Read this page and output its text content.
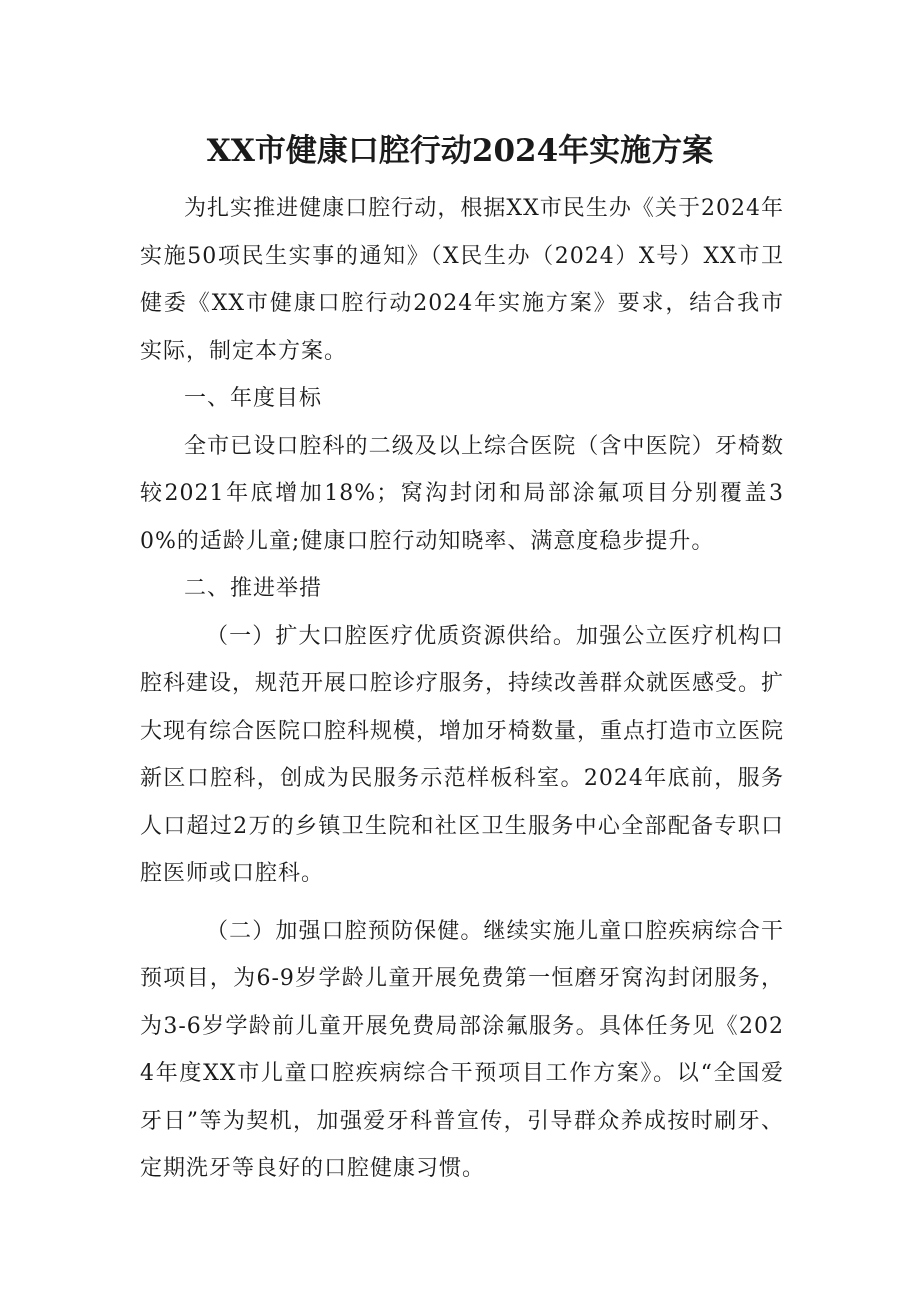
XX市健康口腔行动2024年实施方案

为扎实推进健康口腔行动，根据XX市民生办《关于2024年实施50项民生实事的通知》（X民生办（2024）X号）XX市卫健委《XX市健康口腔行动2024年实施方案》要求，结合我市实际，制定本方案。

一、年度目标

全市已设口腔科的二级及以上综合医院（含中医院）牙椅数较2021年底增加18%；窝沟封闭和局部涂氟项目分别覆盖30%的适龄儿童;健康口腔行动知晓率、满意度稳步提升。

二、推进举措

（一）扩大口腔医疗优质资源供给。加强公立医疗机构口腔科建设，规范开展口腔诊疗服务，持续改善群众就医感受。扩大现有综合医院口腔科规模，增加牙椅数量，重点打造市立医院新区口腔科，创成为民服务示范样板科室。2024年底前，服务人口超过2万的乡镇卫生院和社区卫生服务中心全部配备专职口腔医师或口腔科。

（二）加强口腔预防保健。继续实施儿童口腔疾病综合干预项目，为6-9岁学龄儿童开展免费第一恒磨牙窝沟封闭服务，为3-6岁学龄前儿童开展免费局部涂氟服务。具体任务见《2024年度XX市儿童口腔疾病综合干预项目工作方案》。以“全国爱牙日”等为契机，加强爱牙科普宣传，引导群众养成按时刷牙、定期洗牙等良好的口腔健康习惯。
